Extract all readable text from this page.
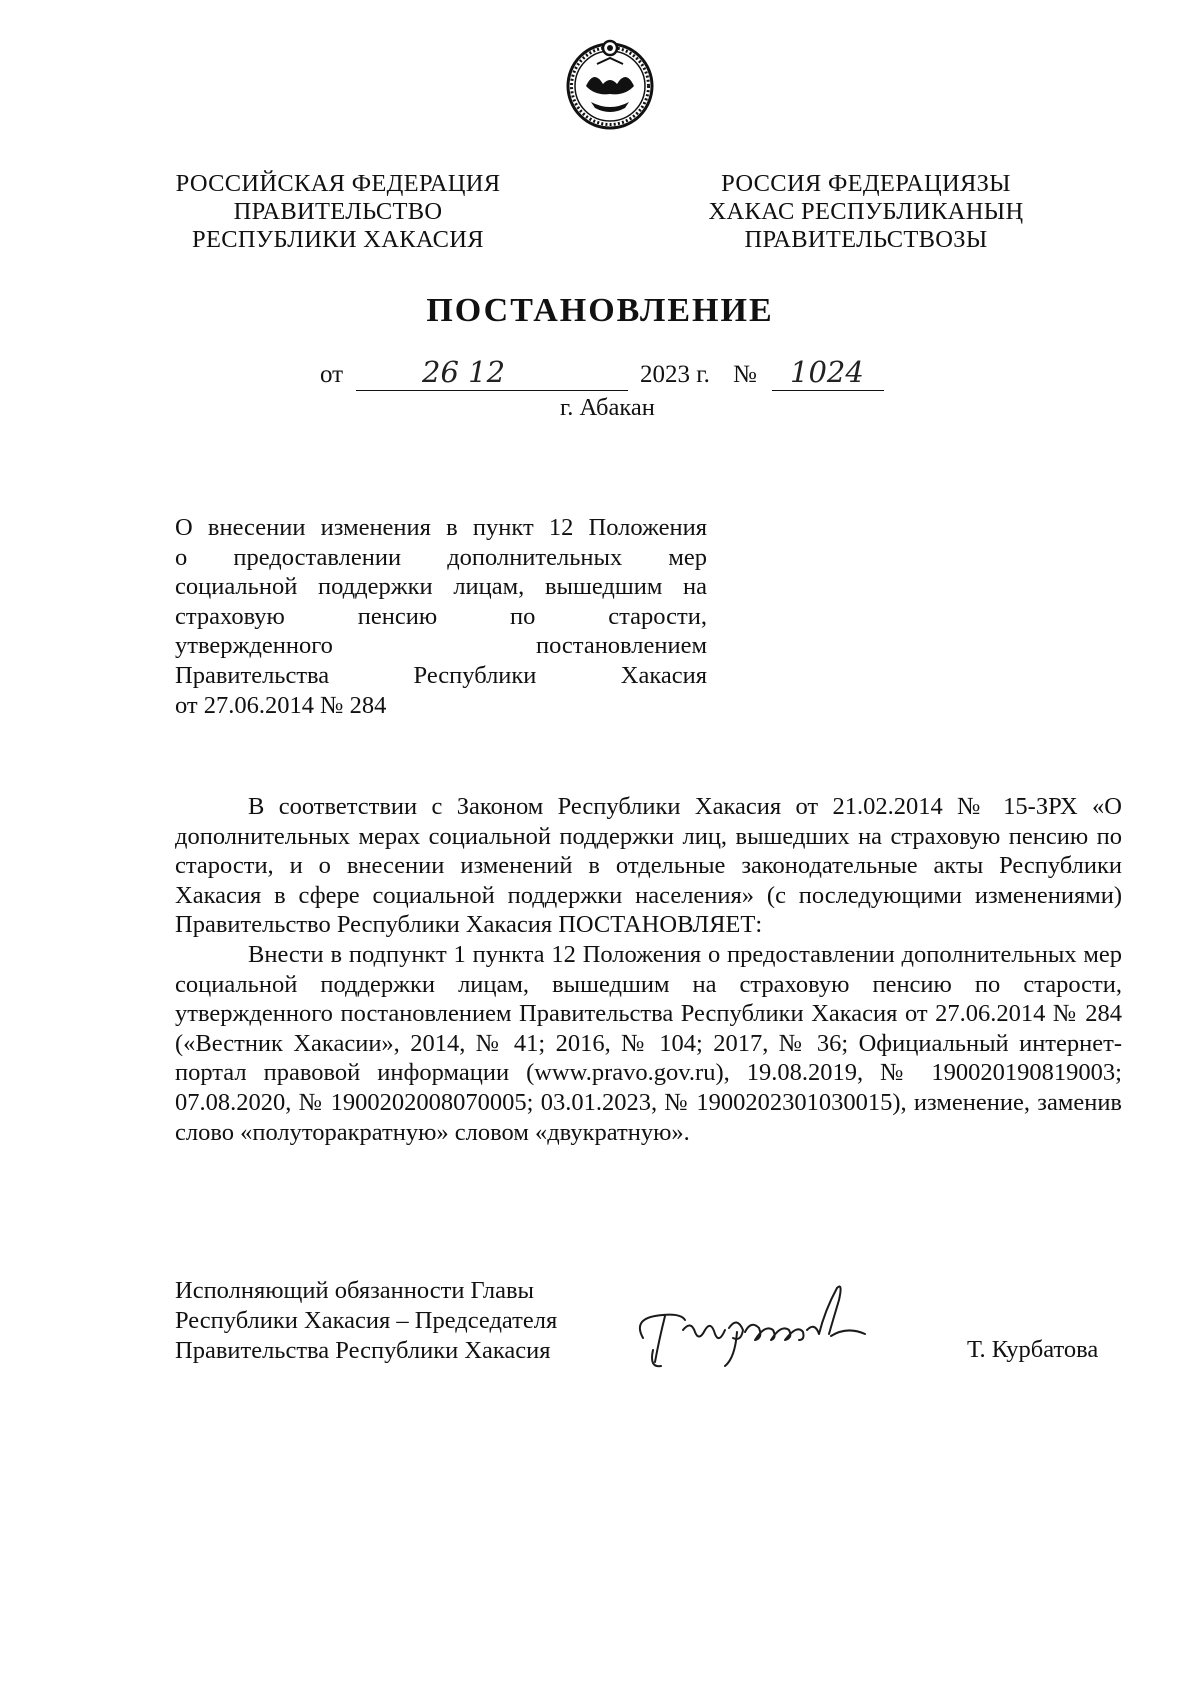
РОССИЙСКАЯ ФЕДЕРАЦИЯ
ПРАВИТЕЛЬСТВО
РЕСПУБЛИКИ ХАКАСИЯ
РОССИЯ ФЕДЕРАЦИЯЗЫ
ХАКАС РЕСПУБЛИКАНЫҢ
ПРАВИТЕЛЬСТВОЗЫ
ПОСТАНОВЛЕНИЕ
от	26 12	2023 г. № 1024
г. Абакан
О внесении изменения в пункт 12 Положения
о предоставлении дополнительных мер
социальной поддержки лицам, вышедшим на
страховую пенсию по старости,
утвержденного постановлением
Правительства Республики Хакасия
от 27.06.2014 № 284

В соответствии с Законом Республики Хакасия от 21.02.2014 № 15-ЗРХ «О дополнительных мерах социальной поддержки лиц, вышедших на страховую пенсию по старости, и о внесении изменений в отдельные законодательные акты Республики Хакасия в сфере социальной поддержки населения» (с последующими изменениями) Правительство Республики Хакасия ПОСТАНОВЛЯЕТ:

Внести в подпункт 1 пункта 12 Положения о предоставлении дополнительных мер социальной поддержки лицам, вышедшим на страховую пенсию по старости, утвержденного постановлением Правительства Республики Хакасия от 27.06.2014 № 284 («Вестник Хакасии», 2014, № 41; 2016, № 104; 2017, № 36; Официальный интернет-портал правовой информации (www.pravo.gov.ru), 19.08.2019, № 190020190819003; 07.08.2020, № 1900202008070005; 03.01.2023, № 1900202301030015), изменение, заменив слово «полуторакратную» словом «двукратную».

Исполняющий обязанности Главы
Республики Хакасия – Председателя
Правительства Республики Хакасия	Т. Курбатова
